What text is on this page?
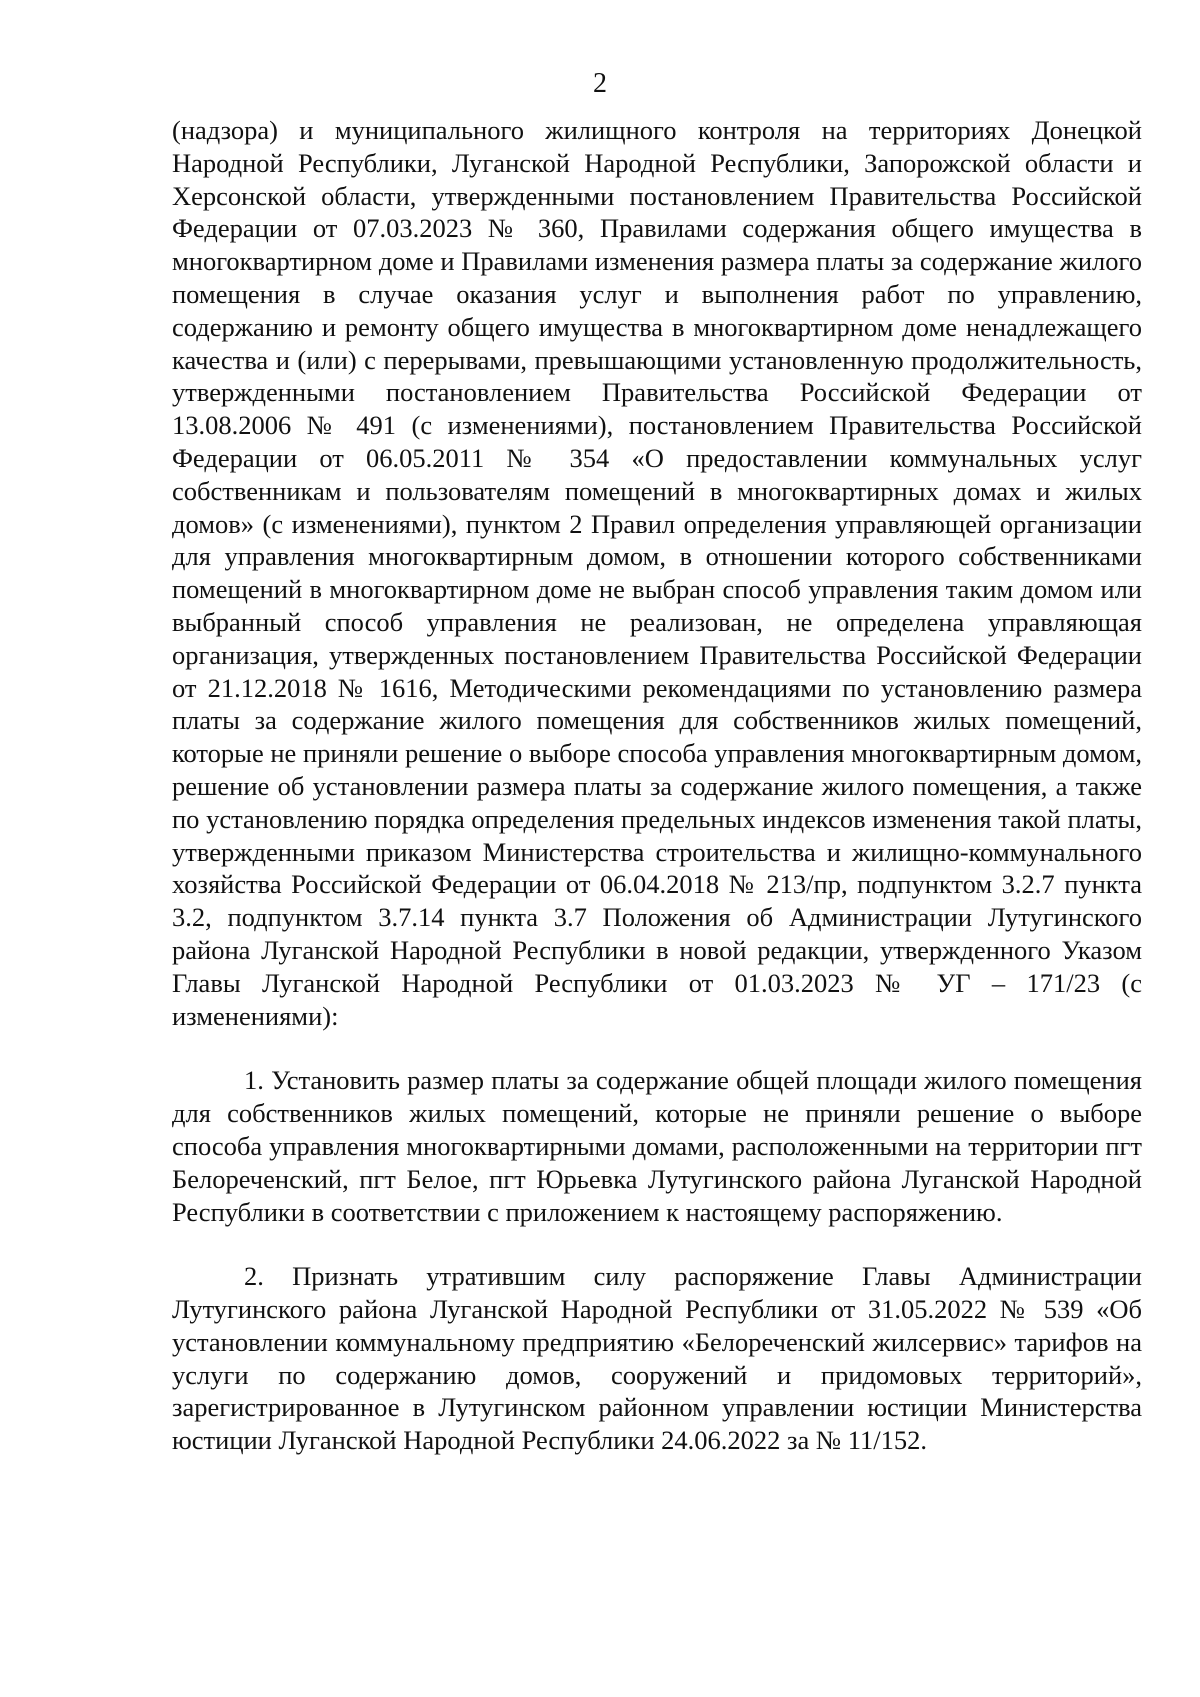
2

(надзора) и муниципального жилищного контроля на территориях Донецкой Народной Республики, Луганской Народной Республики, Запорожской области и Херсонской области, утвержденными постановлением Правительства Российской Федерации от 07.03.2023 № 360, Правилами содержания общего имущества в многоквартирном доме и Правилами изменения размера платы за содержание жилого помещения в случае оказания услуг и выполнения работ по управлению, содержанию и ремонту общего имущества в многоквартирном доме ненадлежащего качества и (или) с перерывами, превышающими установленную продолжительность, утвержденными постановлением Правительства Российской Федерации от 13.08.2006 № 491 (с изменениями), постановлением Правительства Российской Федерации от 06.05.2011 № 354 «О предоставлении коммунальных услуг собственникам и пользователям помещений в многоквартирных домах и жилых домов» (с изменениями), пунктом 2 Правил определения управляющей организации для управления многоквартирным домом, в отношении которого собственниками помещений в многоквартирном доме не выбран способ управления таким домом или выбранный способ управления не реализован, не определена управляющая организация, утвержденных постановлением Правительства Российской Федерации от 21.12.2018 № 1616, Методическими рекомендациями по установлению размера платы за содержание жилого помещения для собственников жилых помещений, которые не приняли решение о выборе способа управления многоквартирным домом, решение об установлении размера платы за содержание жилого помещения, а также по установлению порядка определения предельных индексов изменения такой платы, утвержденными приказом Министерства строительства и жилищно-коммунального хозяйства Российской Федерации от 06.04.2018 № 213/пр, подпунктом 3.2.7 пункта 3.2, подпунктом 3.7.14 пункта 3.7 Положения об Администрации Лутугинского района Луганской Народной Республики в новой редакции, утвержденного Указом Главы Луганской Народной Республики от 01.03.2023 № УГ – 171/23 (с изменениями):

1. Установить размер платы за содержание общей площади жилого помещения для собственников жилых помещений, которые не приняли решение о выборе способа управления многоквартирными домами, расположенными на территории пгт Белореченский, пгт Белое, пгт Юрьевка Лутугинского района Луганской Народной Республики в соответствии с приложением к настоящему распоряжению.

2. Признать утратившим силу распоряжение Главы Администрации Лутугинского района Луганской Народной Республики от 31.05.2022 № 539 «Об установлении коммунальному предприятию «Белореченский жилсервис» тарифов на услуги по содержанию домов, сооружений и придомовых территорий», зарегистрированное в Лутугинском районном управлении юстиции Министерства юстиции Луганской Народной Республики 24.06.2022 за № 11/152.
